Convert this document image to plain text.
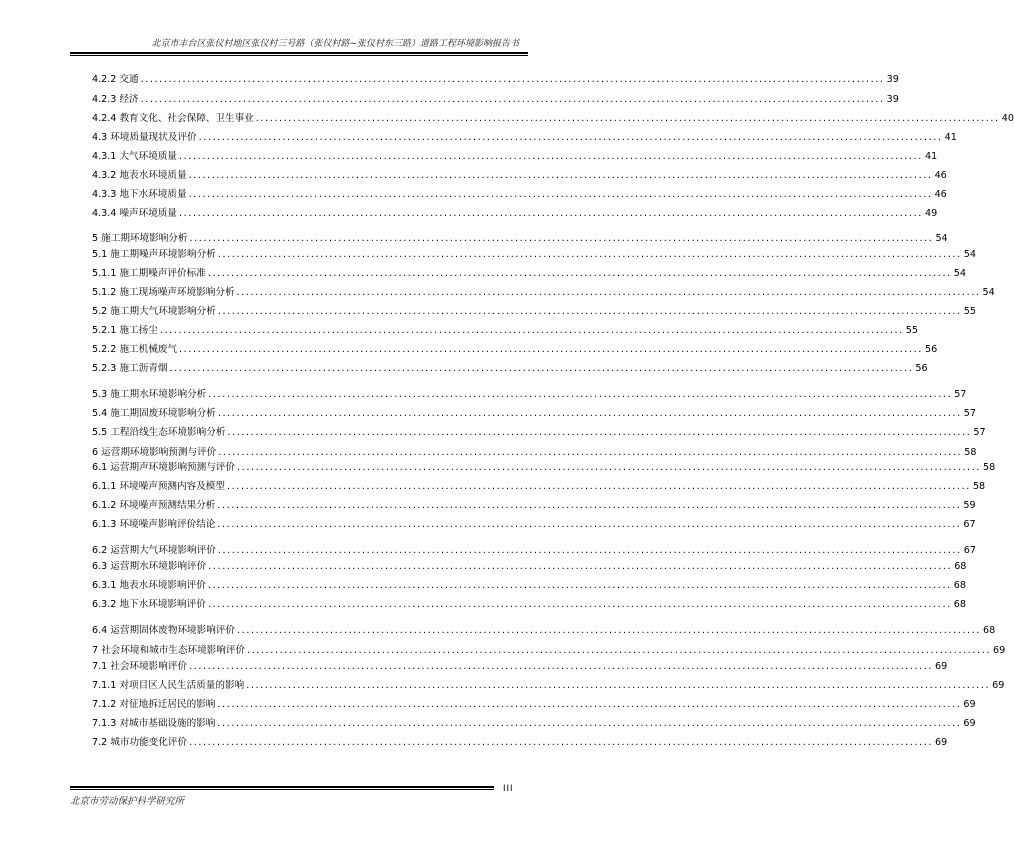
北京市丰台区张仪村地区张仪村三号路（张仪村路~张仪村东三路）道路工程环境影响报告书
4.2.2 交通 ................................................................................................................................................................ 39
4.2.3 经济 ................................................................................................................................................................ 39
4.2.4 教育文化、社会保障、卫生事业 ................................................................................................................................................................ 40
4.3 环境质量现状及评价 ................................................................................................................................................................ 41
4.3.1 大气环境质量 ................................................................................................................................................................ 41
4.3.2 地表水环境质量 ................................................................................................................................................................ 46
4.3.3 地下水环境质量 ................................................................................................................................................................ 46
4.3.4 噪声环境质量 ................................................................................................................................................................ 49
5 施工期环境影响分析 ................................................................................................................................................................ 54
5.1 施工期噪声环境影响分析 ................................................................................................................................................................ 54
5.1.1 施工期噪声评价标准 ................................................................................................................................................................ 54
5.1.2 施工现场噪声环境影响分析 ................................................................................................................................................................ 54
5.2 施工期大气环境影响分析 ................................................................................................................................................................ 55
5.2.1 施工扬尘 ................................................................................................................................................................ 55
5.2.2 施工机械废气 ................................................................................................................................................................ 56
5.2.3 施工沥青烟 ................................................................................................................................................................ 56
5.3 施工期水环境影响分析 ................................................................................................................................................................ 57
5.4 施工期固废环境影响分析 ................................................................................................................................................................ 57
5.5 工程沿线生态环境影响分析 ................................................................................................................................................................ 57
6 运营期环境影响预测与评价 ................................................................................................................................................................ 58
6.1 运营期声环境影响预测与评价 ................................................................................................................................................................ 58
6.1.1 环境噪声预测内容及模型 ................................................................................................................................................................ 58
6.1.2 环境噪声预测结果分析 ................................................................................................................................................................ 59
6.1.3 环境噪声影响评价结论 ................................................................................................................................................................ 67
6.2 运营期大气环境影响评价 ................................................................................................................................................................ 67
6.3 运营期水环境影响评价 ................................................................................................................................................................ 68
6.3.1 地表水环境影响评价 ................................................................................................................................................................ 68
6.3.2 地下水环境影响评价 ................................................................................................................................................................ 68
6.4 运营期固体废物环境影响评价 ................................................................................................................................................................ 68
7 社会环境和城市生态环境影响评价 ................................................................................................................................................................ 69
7.1 社会环境影响评价 ................................................................................................................................................................ 69
7.1.1 对项目区人民生活质量的影响 ................................................................................................................................................................ 69
7.1.2 对征地拆迁居民的影响 ................................................................................................................................................................ 69
7.1.3 对城市基础设施的影响 ................................................................................................................................................................ 69
7.2 城市功能变化评价 ................................................................................................................................................................ 69
北京市劳动保护科学研究所
III
